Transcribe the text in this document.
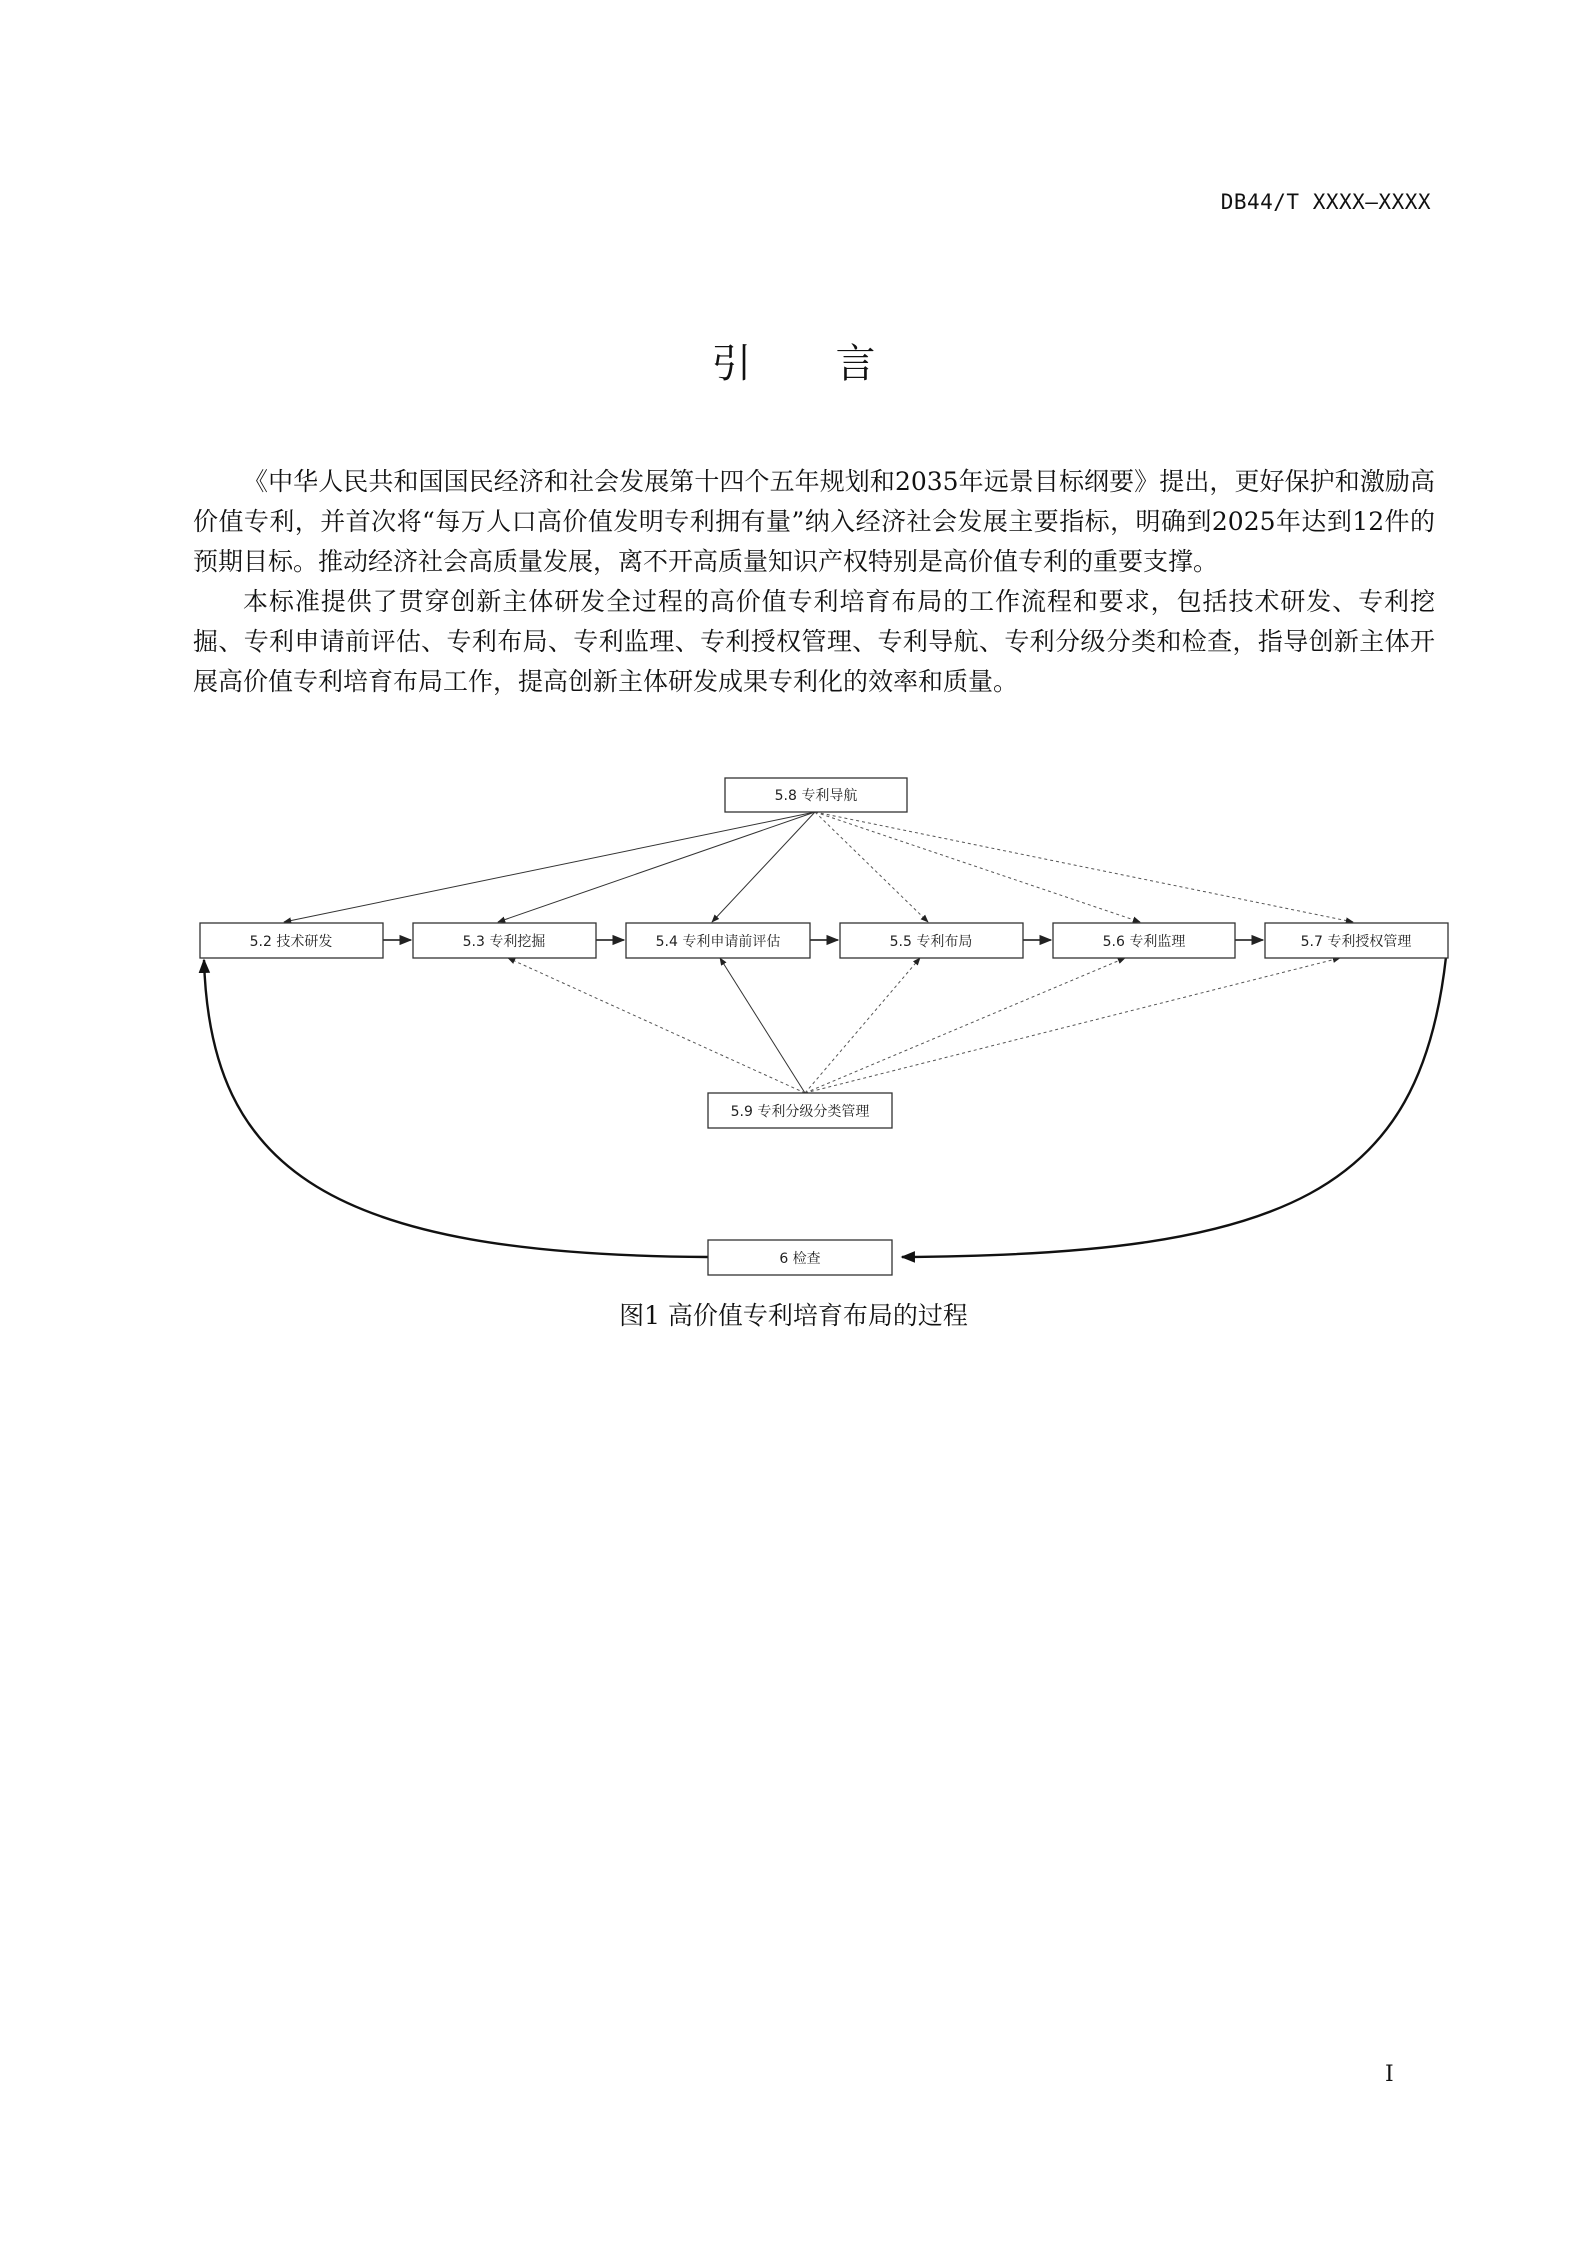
DB44/T XXXX—XXXX
引言

《中华人民共和国国民经济和社会发展第十四个五年规划和2035年远景目标纲要》提出，更好保护和激励高价值专利，并首次将“每万人口高价值发明专利拥有量”纳入经济社会发展主要指标，明确到2025年达到12件的预期目标。推动经济社会高质量发展，离不开高质量知识产权特别是高价值专利的重要支撑。

本标准提供了贯穿创新主体研发全过程的高价值专利培育布局的工作流程和要求，包括技术研发、专利挖掘、专利申请前评估、专利布局、专利监理、专利授权管理、专利导航、专利分级分类和检查，指导创新主体开展高价值专利培育布局工作，提高创新主体研发成果专利化的效率和质量。

5.8 专利导航
5.2 技术研发	5.3 专利挖掘	5.4 专利申请前评估	5.5 专利布局	5.6 专利监理	5.7 专利授权管理
5.9 专利分级分类管理
6 检查
图1 高价值专利培育布局的过程
I
